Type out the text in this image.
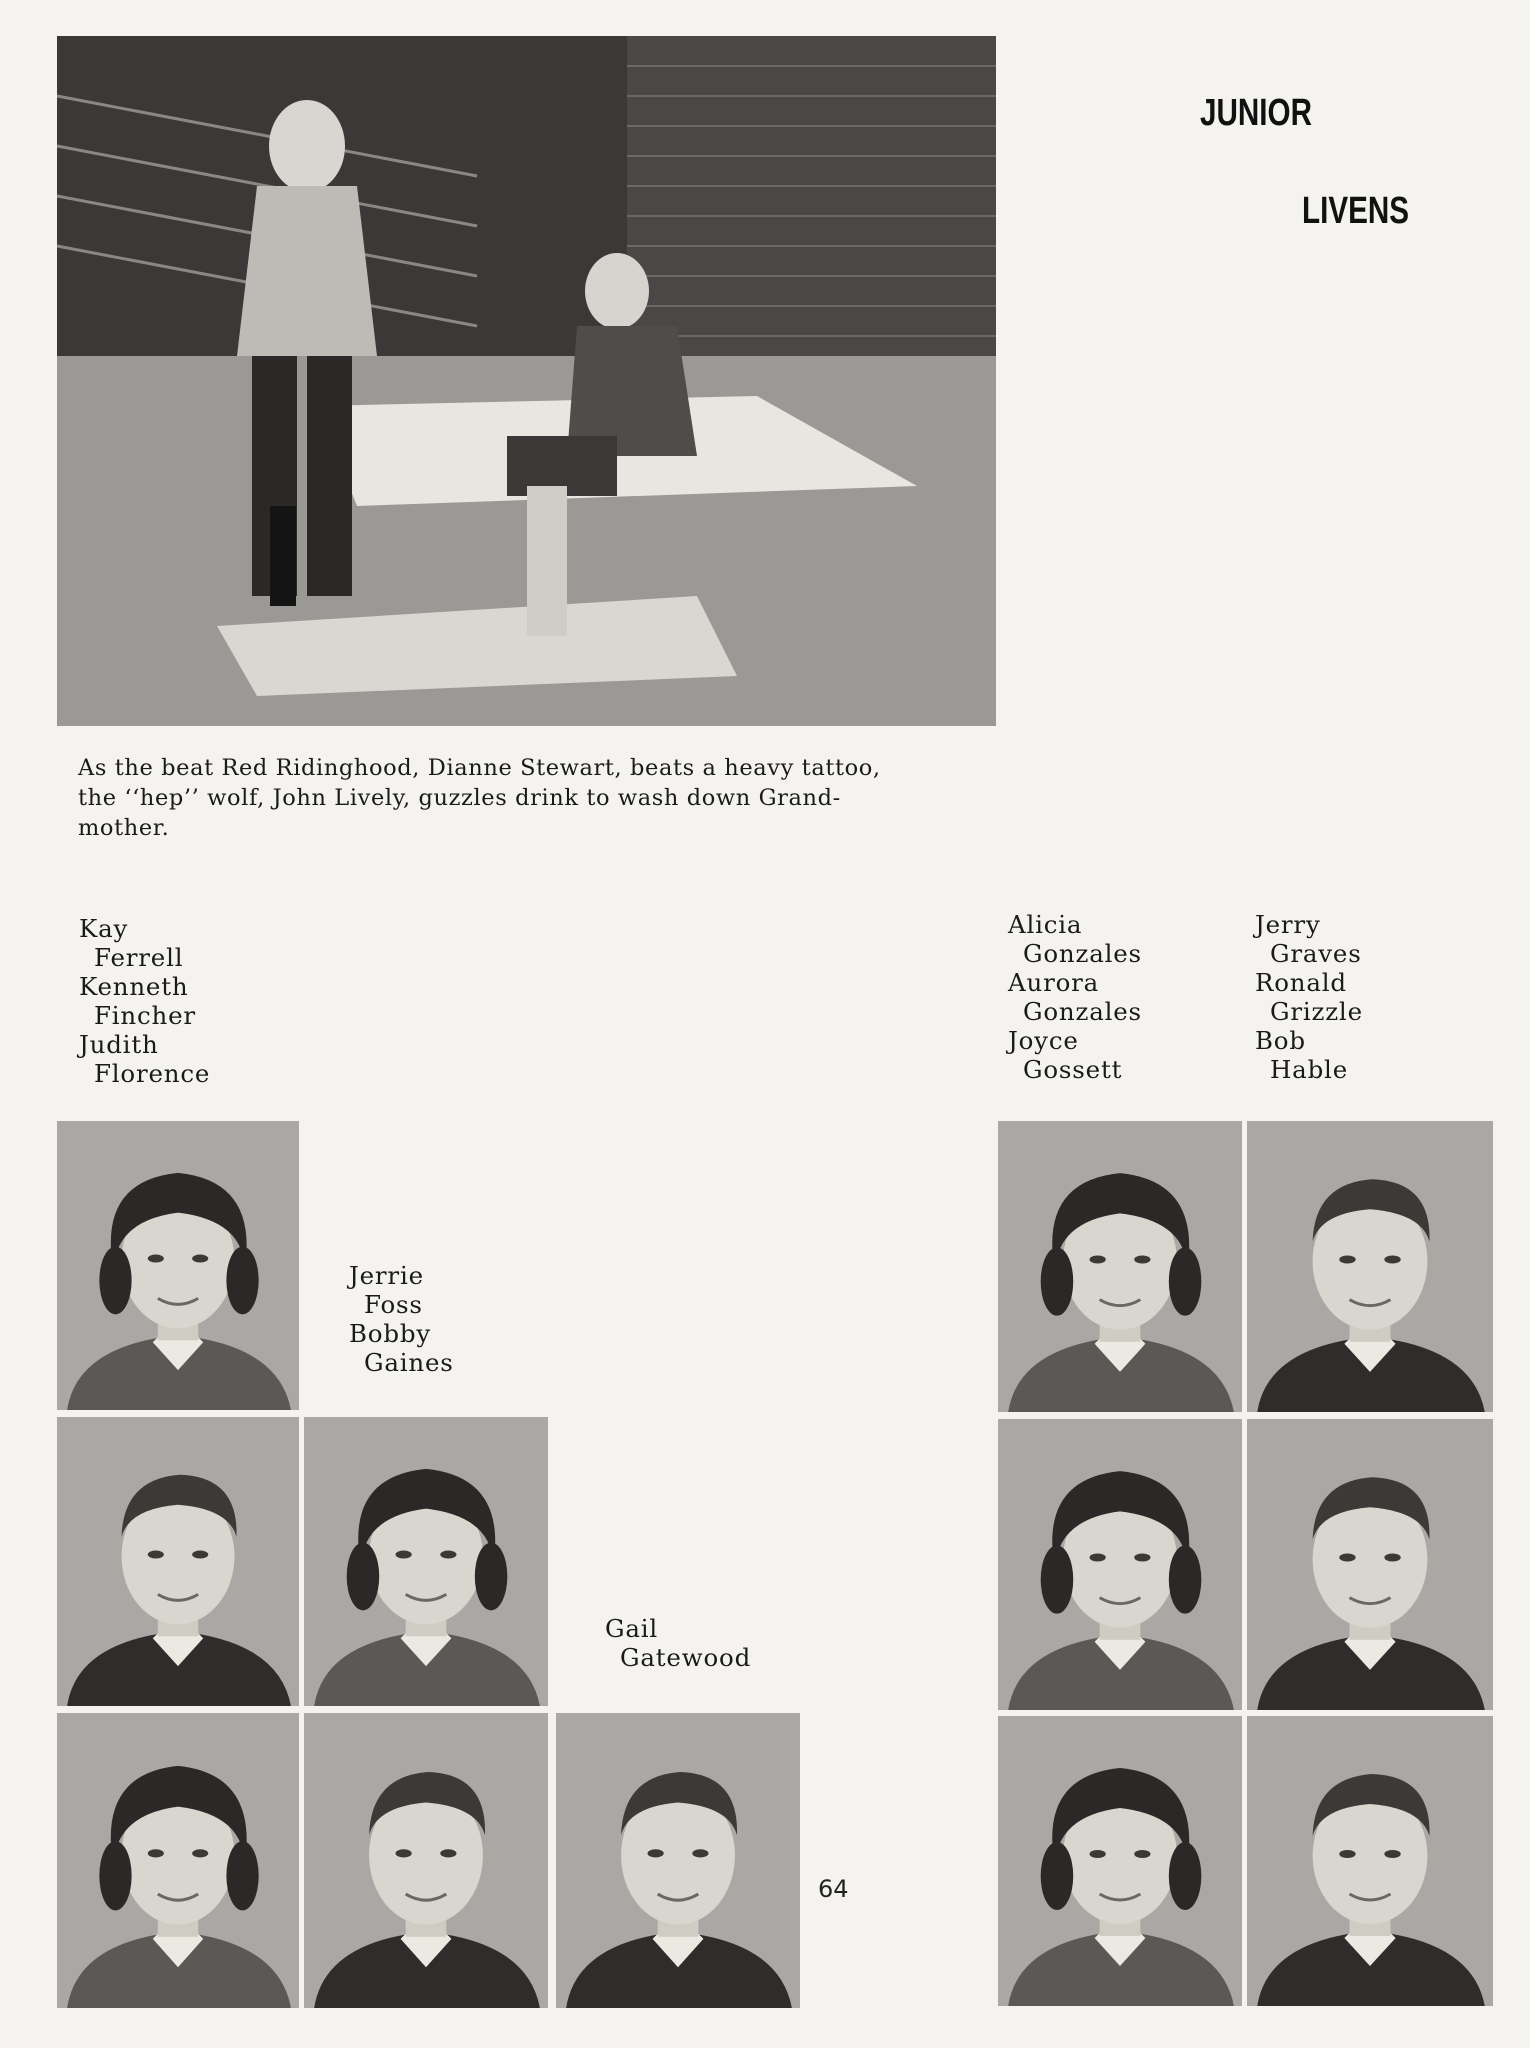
JUNIOR
LIVENS
As the beat Red Ridinghood, Dianne Stewart, beats a heavy tattoo,
the ‘‘hep’’ wolf, John Lively, guzzles drink to wash down Grand-
mother.
Kay
Ferrell
Kenneth
Fincher
Judith
Florence
Jerrie
Foss
Bobby
Gaines
Gail
Gatewood
Alicia
Gonzales
Aurora
Gonzales
Joyce
Gossett
Jerry
Graves
Ronald
Grizzle
Bob
Hable
64
